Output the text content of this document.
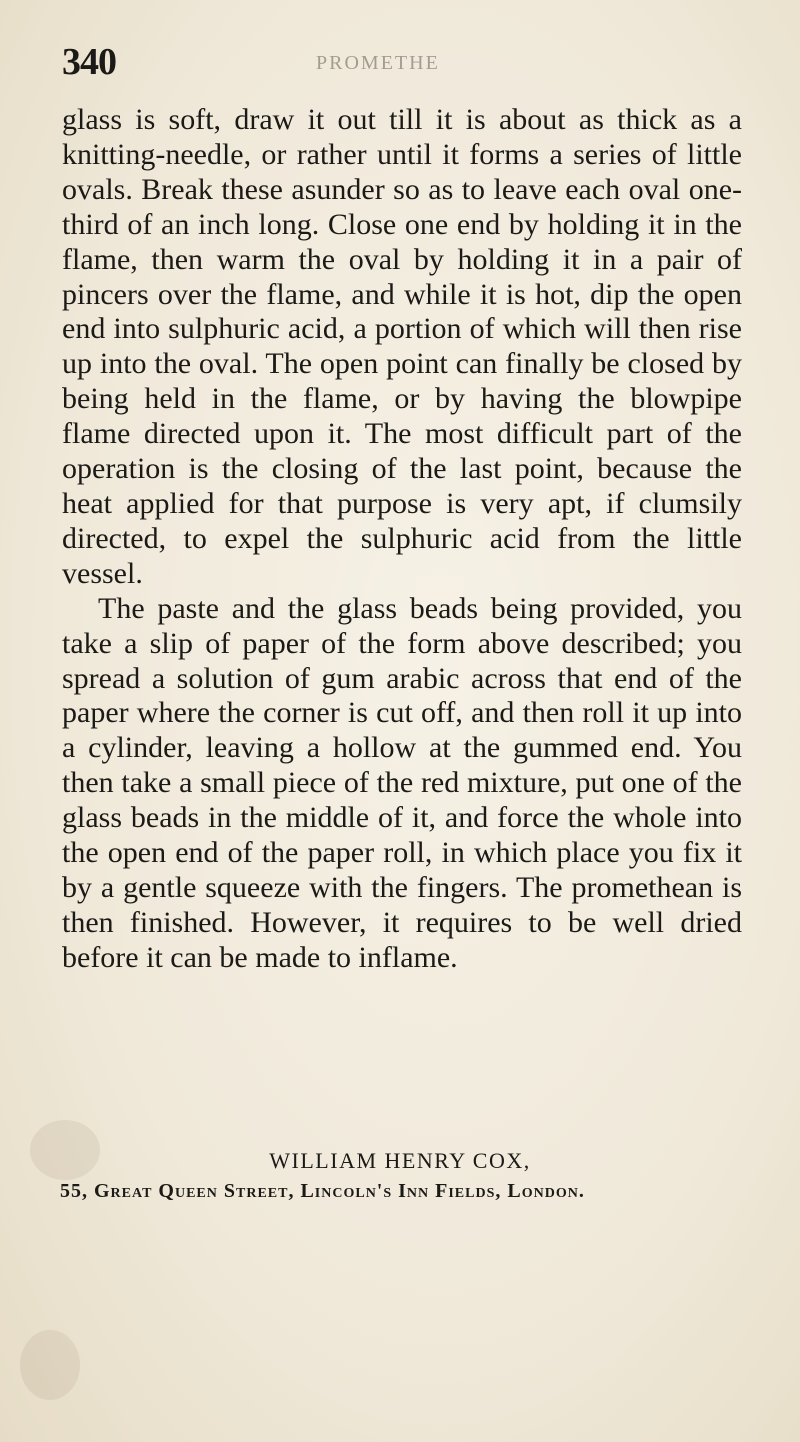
340	PROMETHE

glass is soft, draw it out till it is about as thick as a knitting-needle, or rather until it forms a series of little ovals. Break these asunder so as to leave each oval one-third of an inch long. Close one end by holding it in the flame, then warm the oval by holding it in a pair of pincers over the flame, and while it is hot, dip the open end into sulphuric acid, a portion of which will then rise up into the oval. The open point can finally be closed by being held in the flame, or by having the blowpipe flame directed upon it. The most difficult part of the operation is the closing of the last point, because the heat applied for that purpose is very apt, if clumsily directed, to expel the sulphuric acid from the little vessel.

The paste and the glass beads being provided, you take a slip of paper of the form above described; you spread a solution of gum arabic across that end of the paper where the corner is cut off, and then roll it up into a cylinder, leaving a hollow at the gummed end. You then take a small piece of the red mixture, put one of the glass beads in the middle of it, and force the whole into the open end of the paper roll, in which place you fix it by a gentle squeeze with the fingers. The promethean is then finished. However, it requires to be well dried before it can be made to inflame.

WILLIAM HENRY COX,
55, Great Queen Street, Lincoln's Inn Fields, London.
